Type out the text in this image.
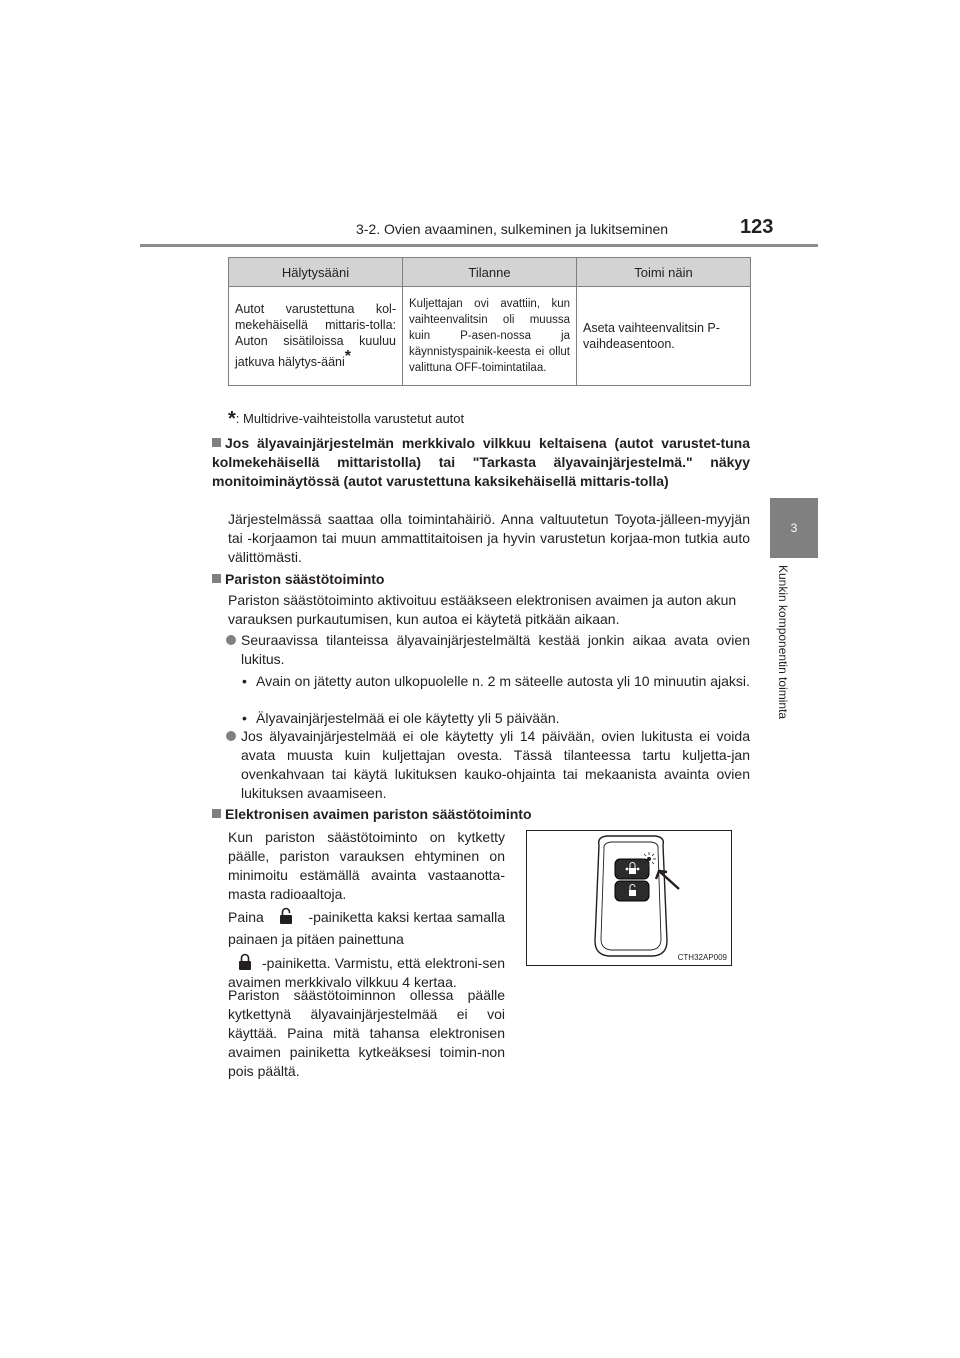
3-2. Ovien avaaminen, sulkeminen ja lukitseminen	123
3
Kunkin komponentin toiminta
Hälytysääni	Tilanne	Toimi näin
Autot varustettuna kol-mekehäisellä mittaris-tolla: Auton sisätiloissa kuuluu jatkuva hälytys-ääni*	Kuljettajan ovi avattiin, kun vaihteenvalitsin oli muussa kuin P-asen-nossa ja käynnistyspainik-keesta ei ollut valittuna OFF-toimintatilaa.	Aseta vaihteenvalitsin P-vaihdeasentoon.
*: Multidrive-vaihteistolla varustetut autot
Jos älyavainjärjestelmän merkkivalo vilkkuu keltaisena (autot varustet-tuna kolmekehäisellä mittaristolla) tai "Tarkasta älyavainjärjestelmä." näkyy monitoiminäytössä (autot varustettuna kaksikehäisellä mittaris-tolla)
Järjestelmässä saattaa olla toimintahäiriö. Anna valtuutetun Toyota-jälleen-myyjän tai -korjaamon tai muun ammattitaitoisen ja hyvin varustetun korjaa-mon tutkia auto välittömästi.
Pariston säästötoiminto
Pariston säästötoiminto aktivoituu estääkseen elektronisen avaimen ja auton akun varauksen purkautumisen, kun autoa ei käytetä pitkään aikaan.
Seuraavissa tilanteissa älyavainjärjestelmältä kestää jonkin aikaa avata ovien lukitus.
• Avain on jätetty auton ulkopuolelle n. 2 m säteelle autosta yli 10 minuutin ajaksi.
• Älyavainjärjestelmää ei ole käytetty yli 5 päivään.
Jos älyavainjärjestelmää ei ole käytetty yli 14 päivään, ovien lukitusta ei voida avata muusta kuin kuljettajan ovesta. Tässä tilanteessa tartu kuljetta-jan ovenkahvaan tai käytä lukituksen kauko-ohjainta tai mekaanista avainta ovien lukituksen avaamiseen.
Elektronisen avaimen pariston säästötoiminto
Kun pariston säästötoiminto on kytketty päälle, pariston varauksen ehtyminen on minimoitu estämällä avainta vastaanotta-masta radioaaltoja.
Paina	-painiketta kaksi kertaa samalla painaen ja pitäen painettuna
-painiketta. Varmistu, että elektroni-sen avaimen merkkivalo vilkkuu 4 kertaa.
Pariston säästötoiminnon ollessa päälle kytkettynä älyavainjärjestelmää ei voi käyttää. Paina mitä tahansa elektronisen avaimen painiketta kytkeäksesi toimin-non pois päältä.
CTH32AP009
